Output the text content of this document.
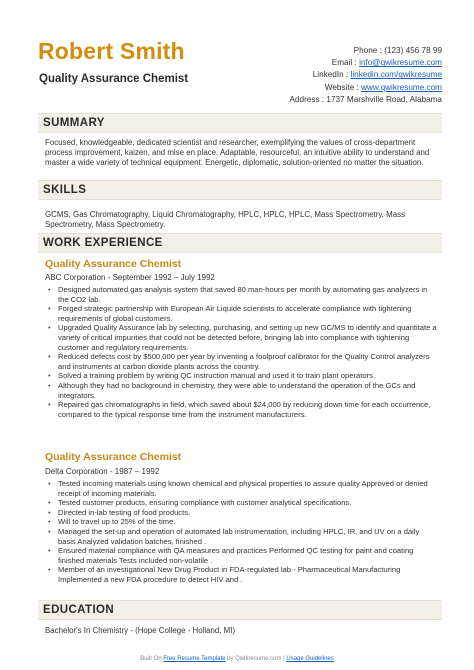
Robert Smith
Quality Assurance Chemist
Phone : (123) 456 78 99
Email : info@qwikresume.com
LinkedIn : linkedin.com/qwikresume
Website : www.qwikresume.com
Address : 1737 Marshville Road, Alabama
SUMMARY
Focused, knowledgeable, dedicated scientist and researcher, exemplifying the values of cross-department process improvement, kaizen, and mise en place. Adaptable, resourceful, an intuitive ability to understand and master a wide variety of technical equipment. Energetic, diplomatic, solution-oriented no matter the situation.
SKILLS
GCMS, Gas Chromatography, Liquid Chromatography, HPLC, HPLC, HPLC, Mass Spectrometry, Mass Spectrometry, Mass Spectrometry.
WORK EXPERIENCE
Quality Assurance Chemist
ABC Corporation - September 1992 – July 1992
• Designed automated gas analysis system that saved 80 man-hours per month by automating gas analyzers in the CO2 lab.
• Forged strategic partnership with European Air Liquide scientists to accelerate compliance with tightening requirements of global customers.
• Upgraded Quality Assurance lab by selecting, purchasing, and setting up new GC/MS to identify and quantitate a variety of critical impurities that could not be detected before, bringing lab into compliance with tightening customer and regulatory requirements.
• Reduced defects cost by $500,000 per year by inventing a foolproof calibrator for the Quality Control analyzers and instruments at carbon dioxide plants across the country.
• Solved a training problem by writing QC instruction manual and used it to train plant operators.
• Although they had no background in chemistry, they were able to understand the operation of the GCs and integrators.
• Repaired gas chromatographs in field, which saved about $24,000 by reducing down time for each occurrence, compared to the typical response time from the instrument manufacturers.
Quality Assurance Chemist
Delta Corporation - 1987 – 1992
• Tested incoming materials using known chemical and physical properties to assure quality Approved or denied receipt of incoming materials.
• Tested customer products, ensuring compliance with customer analytical specifications.
• Directed in-lab testing of food products.
• Will to travel up to 25% of the time.
• Managed the set-up and operation of automated lab instrumentation, including HPLC, IR, and UV on a daily basis Analyzed validation batches, finished .
• Ensured material compliance with QA measures and practices Performed QC testing for paint and coating finished materials Tests included non-volatile .
• Member of an investigational New Drug Product in FDA-regulated lab - Pharmaceutical Manufacturing Implemented a new FDA procedure to detect HIV and .
EDUCATION
Bachelor's In Chemistry - (Hope College - Holland, MI)
Built On Free Resume Template by Qwikresume.com | Usage Guidelines
